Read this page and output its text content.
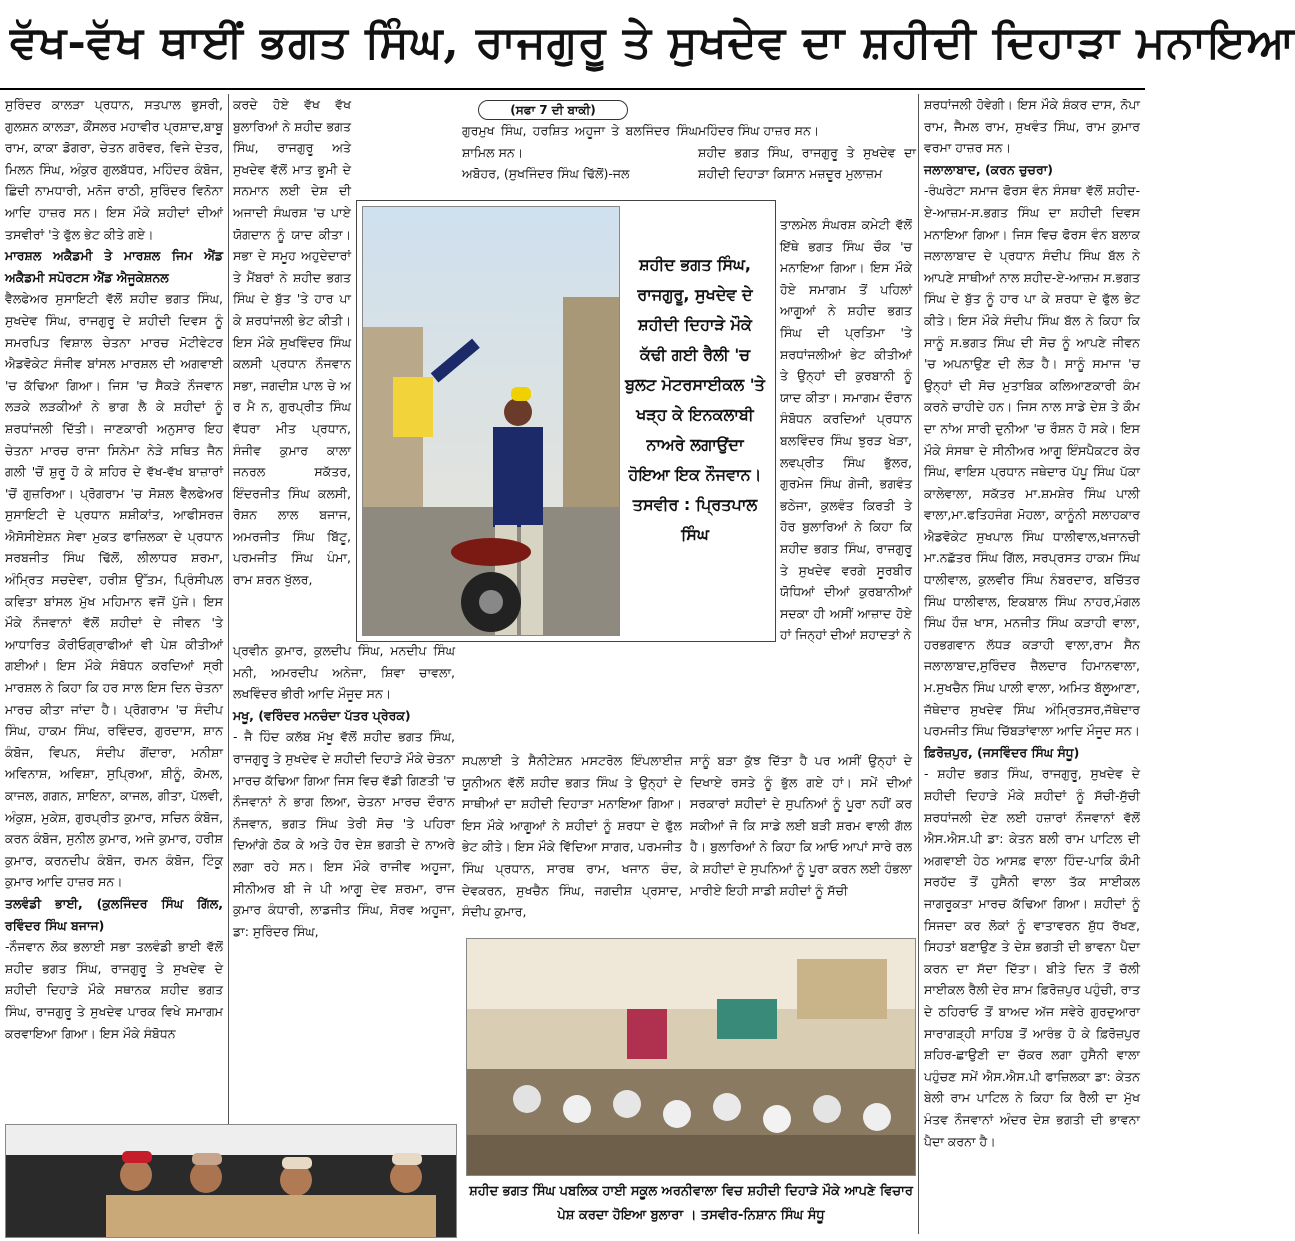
ਵੱਖ-ਵੱਖ ਥਾਈਂ ਭਗਤ ਸਿੰਘ, ਰਾਜਗੁਰੂ ਤੇ ਸੁਖਦੇਵ ਦਾ ਸ਼ਹੀਦੀ ਦਿਹਾੜਾ ਮਨਾਇਆ

ਸੁਰਿੰਦਰ ਕਾਲੜਾ ਪ੍ਰਧਾਨ, ਸਤਪਾਲ ਭੁਸਰੀ, ਗੁਲਸ਼ਨ ਕਾਲੜਾ, ਕੌਂਸਲਰ ਮਹਾਵੀਰ ਪ੍ਰਸ਼ਾਦ,ਬਾਬੂ ਰਾਮ, ਕਾਕਾ ਡੋਗਰਾ, ਚੇਤਨ ਗਰੋਵਰ, ਵਿਜੇ ਦੇਤਰ, ਮਿਲਨ ਸਿੰਘ, ਅੰਕੁਰ ਗੁਲਬੱਧਰ, ਮਹਿੰਦਰ ਕੰਬੋਜ, ਛਿੰਦੀ ਨਾਮਧਾਰੀ, ਮਨੋਜ ਰਾਠੀ, ਸੁਰਿੰਦਰ ਵਿਨੋਨਾ ਆਦਿ ਹਾਜ਼ਰ ਸਨ। ਇਸ ਮੌਕੇ ਸ਼ਹੀਦਾਂ ਦੀਆਂ ਤਸਵੀਰਾਂ 'ਤੇ ਫੁੱਲ ਭੇਟ ਕੀਤੇ ਗਏ।

ਮਾਰਸ਼ਲ ਅਕੈਡਮੀ ਤੇ ਮਾਰਸ਼ਲ ਜਿਮ ਐਂਡ ਅਕੈਡਮੀ ਸਪੋਰਟਸ ਐਂਡ ਐਜੂਕੇਸ਼ਨਲ

ਵੈਲਫੇਅਰ ਸੁਸਾਇਟੀ ਵੱਲੋਂ ਸ਼ਹੀਦ ਭਗਤ ਸਿੰਘ, ਸੁਖਦੇਵ ਸਿੰਘ, ਰਾਜਗੁਰੂ ਦੇ ਸ਼ਹੀਦੀ ਦਿਵਸ ਨੂੰ ਸਮਰਪਿਤ ਵਿਸ਼ਾਲ ਚੇਤਨਾ ਮਾਰਚ ਮੋਟੀਵੇਟਰ ਐਡਵੋਕੇਟ ਸੰਜੀਵ ਬਾਂਸਲ ਮਾਰਸ਼ਲ ਦੀ ਅਗਵਾਈ 'ਚ ਕੱਢਿਆ ਗਿਆ। ਜਿਸ 'ਚ ਸੈਕੜੇ ਨੌਜਵਾਨ ਲੜਕੇ ਲੜਕੀਆਂ ਨੇ ਭਾਗ ਲੈ ਕੇ ਸ਼ਹੀਦਾਂ ਨੂੰ ਸ਼ਰਧਾਂਜਲੀ ਦਿੱਤੀ। ਜਾਣਕਾਰੀ ਅਨੁਸਾਰ ਇਹ ਚੇਤਨਾ ਮਾਰਚ ਰਾਜਾ ਸਿਨੇਮਾ ਨੇੜੇ ਸਥਿਤ ਜੈਨ ਗਲੀ 'ਚੋਂ ਸ਼ੁਰੂ ਹੋ ਕੇ ਸ਼ਹਿਰ ਦੇ ਵੱਖ-ਵੱਖ ਬਾਜ਼ਾਰਾਂ 'ਚੋਂ ਗੁਜ਼ਰਿਆ। ਪ੍ਰੋਗਰਾਮ 'ਚ ਸੋਸ਼ਲ ਵੈਲਫੇਅਰ ਸੁਸਾਇਟੀ ਦੇ ਪ੍ਰਧਾਨ ਸ਼ਸ਼ੀਕਾਂਤ, ਆਫੀਸਰਜ਼ ਐਸੋਸੀਏਸ਼ਨ ਸੇਵਾ ਮੁਕਤ ਫਾਜ਼ਿਲਕਾ ਦੇ ਪ੍ਰਧਾਨ ਸਰਬਜੀਤ ਸਿੰਘ ਢਿੱਲੋਂ, ਲੀਲਾਧਰ ਸ਼ਰਮਾ, ਅੰਮ੍ਰਿਤ ਸਚਦੇਵਾ, ਹਰੀਸ਼ ਉੱਤਮ, ਪ੍ਰਿੰਸੀਪਲ ਕਵਿਤਾ ਬਾਂਸਲ ਮੁੱਖ ਮਹਿਮਾਨ ਵਜੋਂ ਪੁੱਜੇ। ਇਸ ਮੌਕੇ ਨੌਜਵਾਨਾਂ ਵੱਲੋਂ ਸ਼ਹੀਦਾਂ ਦੇ ਜੀਵਨ 'ਤੇ ਆਧਾਰਿਤ ਕੋਰੀਓਗ੍ਰਾਫੀਆਂ ਵੀ ਪੇਸ਼ ਕੀਤੀਆਂ ਗਈਆਂ। ਇਸ ਮੌਕੇ ਸੰਬੋਧਨ ਕਰਦਿਆਂ ਸ੍ਰੀ ਮਾਰਸ਼ਲ ਨੇ ਕਿਹਾ ਕਿ ਹਰ ਸਾਲ ਇਸ ਦਿਨ ਚੇਤਨਾ ਮਾਰਚ ਕੀਤਾ ਜਾਂਦਾ ਹੈ। ਪ੍ਰੋਗਰਾਮ 'ਚ ਸੰਦੀਪ ਸਿੰਘ, ਹਾਕਮ ਸਿੰਘ, ਰਵਿੰਦਰ, ਗੁਰਦਾਸ, ਸ਼ਾਨ ਕੰਬੋਜ, ਵਿਪਨ, ਸੰਦੀਪ ਗੋਂਦਾਰਾ, ਮਨੀਸ਼ਾ ਅਵਿਨਾਸ਼, ਅਵਿਸ਼ਾ, ਸੁਪ੍ਰਿਆ, ਸ਼ੀਨੂੰ, ਕੋਮਲ, ਕਾਜਲ, ਗਗਨ, ਸ਼ਾਇਨਾ, ਕਾਜਲ, ਗੀਤਾ, ਪੱਲਵੀ, ਅੰਕੁਸ਼, ਮੁਕੇਸ਼, ਗੁਰਪ੍ਰੀਤ ਕੁਮਾਰ, ਸਚਿਨ ਕੰਬੋਜ, ਕਰਨ ਕੰਬੋਜ, ਸੁਨੀਲ ਕੁਮਾਰ, ਅਜੇ ਕੁਮਾਰ, ਹਰੀਸ਼ ਕੁਮਾਰ, ਕਰਨਦੀਪ ਕੰਬੋਜ, ਰਮਨ ਕੰਬੋਜ, ਟਿੰਕੂ ਕੁਮਾਰ ਆਦਿ ਹਾਜ਼ਰ ਸਨ।

ਤਲਵੰਡੀ ਭਾਈ, (ਕੁਲਜਿੰਦਰ ਸਿੰਘ ਗਿੱਲ, ਰਵਿੰਦਰ ਸਿੰਘ ਬਜਾਜ)

-ਨੌਜਵਾਨ ਲੋਕ ਭਲਾਈ ਸਭਾ ਤਲਵੰਡੀ ਭਾਈ ਵੱਲੋਂ ਸ਼ਹੀਦ ਭਗਤ ਸਿੰਘ, ਰਾਜਗੁਰੂ ਤੇ ਸੁਖਦੇਵ ਦੇ ਸ਼ਹੀਦੀ ਦਿਹਾੜੇ ਮੌਕੇ ਸਥਾਨਕ ਸ਼ਹੀਦ ਭਗਤ ਸਿੰਘ, ਰਾਜਗੁਰੂ ਤੇ ਸੁਖਦੇਵ ਪਾਰਕ ਵਿਖੇ ਸਮਾਗਮ ਕਰਵਾਇਆ ਗਿਆ। ਇਸ ਮੌਕੇ ਸੰਬੋਧਨ

ਕਰਦੇ ਹੋਏ ਵੱਖ ਵੱਖ ਬੁਲਾਰਿਆਂ ਨੇ ਸ਼ਹੀਦ ਭਗਤ ਸਿੰਘ, ਰਾਜਗੁਰੂ ਅਤੇ ਸੁਖਦੇਵ ਵੱਲੋਂ ਮਾਤ ਭੂਮੀ ਦੇ ਸਨਮਾਨ ਲਈ ਦੇਸ਼ ਦੀ ਅਜਾਦੀ ਸੰਘਰਸ਼ 'ਚ ਪਾਏ ਯੋਗਦਾਨ ਨੂੰ ਯਾਦ ਕੀਤਾ। ਸਭਾ ਦੇ ਸਮੂਹ ਅਹੁਦੇਦਾਰਾਂ ਤੇ ਮੈਂਬਰਾਂ ਨੇ ਸ਼ਹੀਦ ਭਗਤ ਸਿੰਘ ਦੇ ਬੁੱਤ 'ਤੇ ਹਾਰ ਪਾ ਕੇ ਸ਼ਰਧਾਂਜਲੀ ਭੇਟ ਕੀਤੀ। ਇਸ ਮੌਕੇ ਸੁਖਵਿੰਦਰ ਸਿੰਘ ਕਲਸੀ ਪ੍ਰਧਾਨ ਨੌਜਵਾਨ ਸਭਾ, ਜਗਦੀਸ਼ ਪਾਲ ਚੇ ਅ ਰ ਮੈ ਨ, ਗੁਰਪ੍ਰੀਤ ਸਿੰਘ ਵੱਧਰਾ ਮੀਤ ਪ੍ਰਧਾਨ, ਸੰਜੀਵ ਕੁਮਾਰ ਕਾਲਾ ਜਨਰਲ ਸਕੱਤਰ, ਇੰਦਰਜੀਤ ਸਿੰਘ ਕਲਸੀ, ਰੋਸ਼ਨ ਲਾਲ ਬਜਾਜ, ਅਮਰਜੀਤ ਸਿੰਘ ਬਿੱਟੂ, ਪਰਮਜੀਤ ਸਿੰਘ ਪੰਮਾ, ਰਾਮ ਸ਼ਰਨ ਖੁੱਲਰ,

ਪ੍ਰਵੀਨ ਕੁਮਾਰ, ਕੁਲਦੀਪ ਸਿੰਘ, ਮਨਦੀਪ ਸਿੰਘ ਮਨੀ, ਅਮਰਦੀਪ ਅਨੇਜਾ, ਸ਼ਿਵਾ ਚਾਵਲਾ, ਲਖਵਿੰਦਰ ਭੀਰੀ ਆਦਿ ਮੌਜੂਦ ਸਨ।

ਮਖੂ, (ਵਰਿੰਦਰ ਮਨਚੰਦਾ ਪੱਤਰ ਪ੍ਰੇਰਕ)

- ਜੈ ਹਿੰਦ ਕਲੱਬ ਮੱਖੂ ਵੱਲੋਂ ਸ਼ਹੀਦ ਭਗਤ ਸਿੰਘ, ਰਾਜਗੁਰੂ ਤੇ ਸੁਖਦੇਵ ਦੇ ਸ਼ਹੀਦੀ ਦਿਹਾੜੇ ਮੌਕੇ ਚੇਤਨਾ ਮਾਰਚ ਕੱਢਿਆ ਗਿਆ ਜਿਸ ਵਿਚ ਵੱਡੀ ਗਿਣਤੀ 'ਚ ਨੌਜਵਾਨਾਂ ਨੇ ਭਾਗ ਲਿਆ, ਚੇਤਨਾ ਮਾਰਚ ਦੌਰਾਨ ਨੌਜਵਾਨ, ਭਗਤ ਸਿੰਘ ਤੇਰੀ ਸੋਚ 'ਤੇ ਪਹਿਰਾ ਦਿਆਂਗੇ ਠੋਕ ਕੇ ਅਤੇ ਹੋਰ ਦੇਸ਼ ਭਗਤੀ ਦੇ ਨਾਅਰੇ ਲਗਾ ਰਹੇ ਸਨ। ਇਸ ਮੌਕੇ ਰਾਜੀਵ ਅਹੂਜਾ, ਸੀਨੀਅਰ ਬੀ ਜੇ ਪੀ ਆਗੂ ਦੇਵ ਸ਼ਰਮਾ, ਰਾਜ ਕੁਮਾਰ ਕੰਧਾਰੀ, ਲਾਡਜੀਤ ਸਿੰਘ, ਸੋਰਵ ਅਹੂਜਾ, ਡਾ: ਸੁਰਿੰਦਰ ਸਿੰਘ,

(ਸਫਾ 7 ਦੀ ਬਾਕੀ)

ਗੁਰਮੁਖ ਸਿੰਘ, ਹਰਸ਼ਿਤ ਅਹੂਜਾ ਤੇ ਬਲਜਿੰਦਰ ਸਿੰਘ ਸ਼ਾਮਿਲ ਸਨ।

ਅਬੋਹਰ, (ਸੁਖਜਿੰਦਰ ਸਿੰਘ ਢਿੱਲੋਂ)-ਜਲ

ਮਹਿੰਦਰ ਸਿੰਘ ਹਾਜ਼ਰ ਸਨ।

ਸ਼ਹੀਦ ਭਗਤ ਸਿੰਘ, ਰਾਜਗੁਰੂ ਤੇ ਸੁਖਦੇਵ ਦਾ ਸ਼ਹੀਦੀ ਦਿਹਾੜਾ ਕਿਸਾਨ ਮਜ਼ਦੂਰ ਮੁਲਾਜ਼ਮ

ਸ਼ਹੀਦ ਭਗਤ ਸਿੰਘ, ਰਾਜਗੁਰੂ, ਸੁਖਦੇਵ ਦੇ ਸ਼ਹੀਦੀ ਦਿਹਾੜੇ ਮੌਕੇ ਕੱਢੀ ਗਈ ਰੈਲੀ 'ਚ ਬੁਲਟ ਮੋਟਰਸਾਈਕਲ 'ਤੇ ਖੜ੍ਹ ਕੇ ਇਨਕਲਾਬੀ ਨਾਅਰੇ ਲਗਾਉਂਦਾ ਹੋਇਆ ਇਕ ਨੌਜਵਾਨ। ਤਸਵੀਰ : ਪ੍ਰਿਤਪਾਲ ਸਿੰਘ

ਤਾਲਮੇਲ ਸੰਘਰਸ਼ ਕਮੇਟੀ ਵੱਲੋਂ ਇੱਥੇ ਭਗਤ ਸਿੰਘ ਚੌਕ 'ਚ ਮਨਾਇਆ ਗਿਆ। ਇਸ ਮੌਕੇ ਹੋਏ ਸਮਾਗਮ ਤੋਂ ਪਹਿਲਾਂ ਆਗੂਆਂ ਨੇ ਸ਼ਹੀਦ ਭਗਤ ਸਿੰਘ ਦੀ ਪ੍ਰਤਿਮਾ 'ਤੇ ਸ਼ਰਧਾਂਜਲੀਆਂ ਭੇਟ ਕੀਤੀਆਂ ਤੇ ਉਨ੍ਹਾਂ ਦੀ ਕੁਰਬਾਨੀ ਨੂੰ ਯਾਦ ਕੀਤਾ। ਸਮਾਗਮ ਦੌਰਾਨ ਸੰਬੋਧਨ ਕਰਦਿਆਂ ਪ੍ਰਧਾਨ ਬਲਵਿੰਦਰ ਸਿੰਘ ਝੁਰੜ ਖੇੜਾ, ਲਵਪ੍ਰੀਤ ਸਿੰਘ ਭੁੱਲਰ, ਗੁਰਮੇਜ ਸਿੰਘ ਗੇਜੀ, ਭਗਵੰਤ ਭਠੇਜਾ, ਕੁਲਵੰਤ ਕਿਰਤੀ ਤੇ ਹੋਰ ਬੁਲਾਰਿਆਂ ਨੇ ਕਿਹਾ ਕਿ ਸ਼ਹੀਦ ਭਗਤ ਸਿੰਘ, ਰਾਜਗੁਰੂ ਤੇ ਸੁਖਦੇਵ ਵਰਗੇ ਸੂਰਬੀਰ ਯੋਧਿਆਂ ਦੀਆਂ ਕੁਰਬਾਨੀਆਂ ਸਦਕਾ ਹੀ ਅਸੀਂ ਆਜ਼ਾਦ ਹੋਏ ਹਾਂ ਜਿਨ੍ਹਾਂ ਦੀਆਂ ਸ਼ਹਾਦਤਾਂ ਨੇ

ਸਪਲਾਈ ਤੇ ਸੈਨੀਟੇਸ਼ਨ ਮਸਟਰੋਲ ਇੰਪਲਾਈਜ਼ ਯੂਨੀਅਨ ਵੱਲੋਂ ਸ਼ਹੀਦ ਭਗਤ ਸਿੰਘ ਤੇ ਉਨ੍ਹਾਂ ਦੇ ਸਾਥੀਆਂ ਦਾ ਸ਼ਹੀਦੀ ਦਿਹਾੜਾ ਮਨਾਇਆ ਗਿਆ। ਇਸ ਮੌਕੇ ਆਗੂਆਂ ਨੇ ਸ਼ਹੀਦਾਂ ਨੂੰ ਸ਼ਰਧਾ ਦੇ ਫੁੱਲ ਭੇਟ ਕੀਤੇ। ਇਸ ਮੌਕੇ ਵਿੱਦਿਆ ਸਾਗਰ, ਪਰਮਜੀਤ ਸਿੰਘ ਪ੍ਰਧਾਨ, ਸਾਰਥ ਰਾਮ, ਖਜਾਨ ਚੰਦ, ਦੇਵਕਰਨ, ਸੁਖਚੈਨ ਸਿੰਘ, ਜਗਦੀਸ਼ ਪ੍ਰਸਾਦ, ਸੰਦੀਪ ਕੁਮਾਰ,

ਸਾਨੂੰ ਬੜਾ ਕੁੱਝ ਦਿੱਤਾ ਹੈ ਪਰ ਅਸੀਂ ਉਨ੍ਹਾਂ ਦੇ ਦਿਖਾਏ ਰਸਤੇ ਨੂੰ ਭੁੱਲ ਗਏ ਹਾਂ। ਸਮੇਂ ਦੀਆਂ ਸਰਕਾਰਾਂ ਸ਼ਹੀਦਾਂ ਦੇ ਸੁਪਨਿਆਂ ਨੂੰ ਪੂਰਾ ਨਹੀਂ ਕਰ ਸਕੀਆਂ ਜੋ ਕਿ ਸਾਡੇ ਲਈ ਬੜੀ ਸ਼ਰਮ ਵਾਲੀ ਗੱਲ ਹੈ। ਬੁਲਾਰਿਆਂ ਨੇ ਕਿਹਾ ਕਿ ਆਓ ਆਪਾਂ ਸਾਰੇ ਰਲ ਕੇ ਸ਼ਹੀਦਾਂ ਦੇ ਸੁਪਨਿਆਂ ਨੂੰ ਪੂਰਾ ਕਰਨ ਲਈ ਹੰਭਲਾ ਮਾਰੀਏ ਇਹੀ ਸਾਡੀ ਸ਼ਹੀਦਾਂ ਨੂੰ ਸੱਚੀ

ਸ਼ਹੀਦ ਭਗਤ ਸਿੰਘ ਪਬਲਿਕ ਹਾਈ ਸਕੂਲ ਅਰਨੀਵਾਲਾ ਵਿਚ ਸ਼ਹੀਦੀ ਦਿਹਾੜੇ ਮੌਕੇ ਆਪਣੇ ਵਿਚਾਰ ਪੇਸ਼ ਕਰਦਾ ਹੋਇਆ ਬੁਲਾਰਾ । ਤਸਵੀਰ-ਨਿਸ਼ਾਨ ਸਿੰਘ ਸੰਧੂ

ਸ਼ਰਧਾਂਜਲੀ ਹੋਵੇਗੀ। ਇਸ ਮੌਕੇ ਸ਼ੰਕਰ ਦਾਸ, ਨੋਪਾ ਰਾਮ, ਜੈਮਲ ਰਾਮ, ਸੁਖਵੰਤ ਸਿੰਘ, ਰਾਮ ਕੁਮਾਰ ਵਰਮਾ ਹਾਜ਼ਰ ਸਨ।

ਜਲਾਲਾਬਾਦ, (ਕਰਨ ਚੁਚਰਾ)

-ਰੰਘਰੇਟਾ ਸਮਾਜ ਫੋਰਸ ਵੰਨ ਸੰਸਥਾ ਵੱਲੋਂ ਸ਼ਹੀਦ-ਏ-ਆਜ਼ਮ-ਸ.ਭਗਤ ਸਿੰਘ ਦਾ ਸ਼ਹੀਦੀ ਦਿਵਸ ਮਨਾਇਆ ਗਿਆ। ਜਿਸ ਵਿਚ ਫੋਰਸ ਵੰਨ ਬਲਾਕ ਜਲਾਲਾਬਾਦ ਦੇ ਪ੍ਰਧਾਨ ਸੰਦੀਪ ਸਿੰਘ ਬੱਲ ਨੇ ਆਪਣੇ ਸਾਥੀਆਂ ਨਾਲ ਸ਼ਹੀਦ-ਏ-ਆਜ਼ਮ ਸ.ਭਗਤ ਸਿੰਘ ਦੇ ਬੁੱਤ ਨੂੰ ਹਾਰ ਪਾ ਕੇ ਸ਼ਰਧਾ ਦੇ ਫੁੱਲ ਭੇਟ ਕੀਤੇ। ਇਸ ਮੌਕੇ ਸੰਦੀਪ ਸਿੰਘ ਬੱਲ ਨੇ ਕਿਹਾ ਕਿ ਸਾਨੂੰ ਸ.ਭਗਤ ਸਿੰਘ ਦੀ ਸੋਚ ਨੂੰ ਆਪਣੇ ਜੀਵਨ 'ਚ ਅਪਨਾਉਣ ਦੀ ਲੋੜ ਹੈ। ਸਾਨੂੰ ਸਮਾਜ 'ਚ ਉਨ੍ਹਾਂ ਦੀ ਸੋਚ ਮੁਤਾਬਿਕ ਕਲਿਆਣਕਾਰੀ ਕੰਮ ਕਰਨੇ ਚਾਹੀਦੇ ਹਨ। ਜਿਸ ਨਾਲ ਸਾਡੇ ਦੇਸ਼ ਤੇ ਕੌਮ ਦਾ ਨਾਂਅ ਸਾਰੀ ਦੁਨੀਆ 'ਚ ਰੌਸ਼ਨ ਹੋ ਸਕੇ। ਇਸ ਮੌਕੇ ਸੰਸਥਾ ਦੇ ਸੀਨੀਅਰ ਆਗੂ ਇੰਸਪੈਕਟਰ ਕੇਰ ਸਿੰਘ, ਵਾਇਸ ਪ੍ਰਧਾਨ ਜਥੇਦਾਰ ਪੱਪੂ ਸਿੰਘ ਪੱਕਾ ਕਾਲੇਵਾਲਾ, ਸਕੱਤਰ ਮਾ.ਸ਼ਮਸ਼ੇਰ ਸਿੰਘ ਪਾਲੀ ਵਾਲਾ,ਮਾ.ਫਤਿਹਜੰਗ ਮੋਹਲਾ, ਕਾਨੂੰਨੀ ਸਲਾਹਕਾਰ ਐਡਵੋਕੇਟ ਸੁਖਪਾਲ ਸਿੰਘ ਧਾਲੀਵਾਲ,ਖਜਾਨਚੀ ਮਾ.ਨਛੱਤਰ ਸਿੰਘ ਗਿੱਲ, ਸਰਪ੍ਰਸਤ ਹਾਕਮ ਸਿੰਘ ਧਾਲੀਵਾਲ, ਕੁਲਵੀਰ ਸਿੰਘ ਨੰਬਰਦਾਰ, ਬਚਿੱਤਰ ਸਿੰਘ ਧਾਲੀਵਾਲ, ਇਕਬਾਲ ਸਿੰਘ ਨਾਹਰ,ਮੰਗਲ ਸਿੰਘ ਹੌਜ਼ ਖਾਸ, ਮਨਜੀਤ ਸਿੰਘ ਕੜਾਹੀ ਵਾਲਾ, ਹਰਭਗਵਾਨ ਲੱਧੜ ਕੜਾਹੀ ਵਾਲਾ,ਰਾਮ ਸੈਨ ਜਲਾਲਾਬਾਦ,ਸੁਰਿੰਦਰ ਜ਼ੈਲਦਾਰ ਹਿਮਾਨਵਾਲਾ, ਮ.ਸੁਖਚੈਨ ਸਿੰਘ ਪਾਲੀ ਵਾਲਾ, ਅਮਿਤ ਬੱਲੂਆਣਾ, ਜੱਥੇਦਾਰ ਸੁਖਦੇਵ ਸਿੰਘ ਅੰਮ੍ਰਿਤਸਰ,ਜੱਥੇਦਾਰ ਪਰਮਜੀਤ ਸਿੰਘ ਚਿੱਬੜਾਂਵਾਲਾ ਆਦਿ ਮੌਜੂਦ ਸਨ।

ਫ਼ਿਰੋਜ਼ਪੁਰ, (ਜਸਵਿੰਦਰ ਸਿੰਘ ਸੰਧੂ)

- ਸ਼ਹੀਦ ਭਗਤ ਸਿੰਘ, ਰਾਜਗੁਰੂ, ਸੁਖਦੇਵ ਦੇ ਸ਼ਹੀਦੀ ਦਿਹਾੜੇ ਮੌਕੇ ਸ਼ਹੀਦਾਂ ਨੂੰ ਸੱਚੀ-ਸੁੱਚੀ ਸ਼ਰਧਾਂਜਲੀ ਦੇਣ ਲਈ ਹਜ਼ਾਰਾਂ ਨੌਜਵਾਨਾਂ ਵੱਲੋਂ ਐਸ.ਐਸ.ਪੀ ਡਾ: ਕੇਤਨ ਬਲੀ ਰਾਮ ਪਾਟਿਲ ਦੀ ਅਗਵਾਈ ਹੇਠ ਆਸਫ਼ ਵਾਲਾ ਹਿੰਦ-ਪਾਕਿ ਕੌਮੀ ਸਰਹੱਦ ਤੋਂ ਹੁਸੈਨੀ ਵਾਲਾ ਤੱਕ ਸਾਈਕਲ ਜਾਗਰੂਕਤਾ ਮਾਰਚ ਕੱਢਿਆ ਗਿਆ। ਸ਼ਹੀਦਾਂ ਨੂੰ ਸਿਜਦਾ ਕਰ ਲੋਕਾਂ ਨੂੰ ਵਾਤਾਵਰਨ ਸ਼ੁੱਧ ਰੱਖਣ, ਸਿਹਤਾਂ ਬਣਾਉਣ ਤੇ ਦੇਸ਼ ਭਗਤੀ ਦੀ ਭਾਵਨਾ ਪੈਦਾ ਕਰਨ ਦਾ ਸੱਦਾ ਦਿੱਤਾ। ਬੀਤੇ ਦਿਨ ਤੋਂ ਚੱਲੀ ਸਾਈਕਲ ਰੈਲੀ ਦੇਰ ਸ਼ਾਮ ਫ਼ਿਰੋਜ਼ਪੁਰ ਪਹੁੰਚੀ, ਰਾਤ ਦੇ ਠਹਿਰਾਓ ਤੋਂ ਬਾਅਦ ਅੱਜ ਸਵੇਰੇ ਗੁਰਦੁਆਰਾ ਸਾਰਾਗੜ੍ਹੀ ਸਾਹਿਬ ਤੋਂ ਆਰੰਭ ਹੋ ਕੇ ਫ਼ਿਰੋਜ਼ਪੁਰ ਸ਼ਹਿਰ-ਛਾਉਣੀ ਦਾ ਚੱਕਰ ਲਗਾ ਹੁਸੈਨੀ ਵਾਲਾ ਪਹੁੰਚਣ ਸਮੇਂ ਐਸ.ਐਸ.ਪੀ ਫਾਜ਼ਿਲਕਾ ਡਾ: ਕੇਤਨ ਬੇਲੀ ਰਾਮ ਪਾਟਿਲ ਨੇ ਕਿਹਾ ਕਿ ਰੈਲੀ ਦਾ ਮੁੱਖ ਮੰਤਵ ਨੌਜਵਾਨਾਂ ਅੰਦਰ ਦੇਸ਼ ਭਗਤੀ ਦੀ ਭਾਵਨਾ ਪੈਦਾ ਕਰਨਾ ਹੈ।
